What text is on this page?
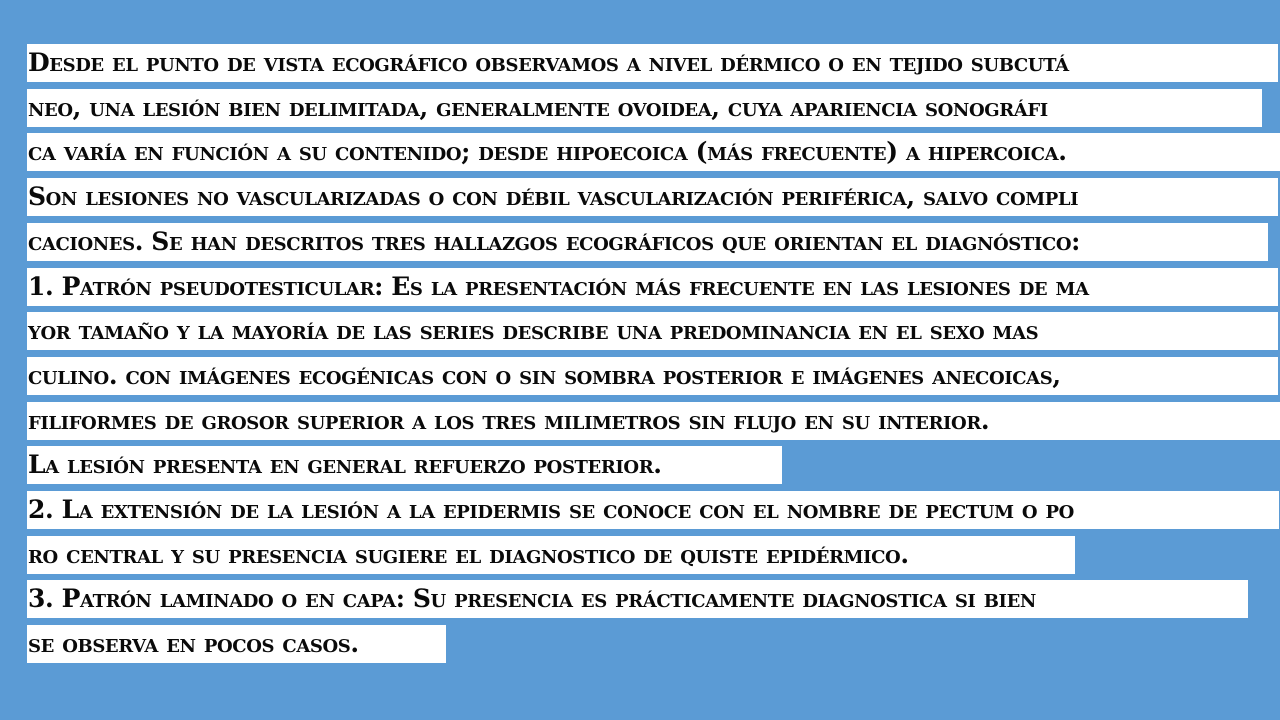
Desde el punto de vista ecográfico observamos a nivel dérmico o en tejido subcutá
neo, una lesión bien delimitada, generalmente ovoidea, cuya apariencia sonográfi
ca varía en función a su contenido; desde hipoecoica (más frecuente) a hipercoica.
Son lesiones no vascularizadas o con débil vascularización periférica, salvo compli
caciones. Se han descritos tres hallazgos ecográficos que orientan el diagnóstico:
1. Patrón pseudotesticular: Es la presentación más frecuente en las lesiones de ma
yor tamaño y la mayoría de las series describe una predominancia en el sexo mas
culino. con imágenes ecogénicas con o sin sombra posterior e imágenes anecoicas,
filiformes de grosor superior a los tres milimetros sin flujo en su interior.
La lesión presenta en general refuerzo posterior.
2. La extensión de la lesión a la epidermis se conoce con el nombre de pectum o po
ro central y su presencia sugiere el diagnostico de quiste epidérmico.
3. Patrón laminado o en capa: Su presencia es prácticamente diagnostica si bien
se observa en pocos casos.
